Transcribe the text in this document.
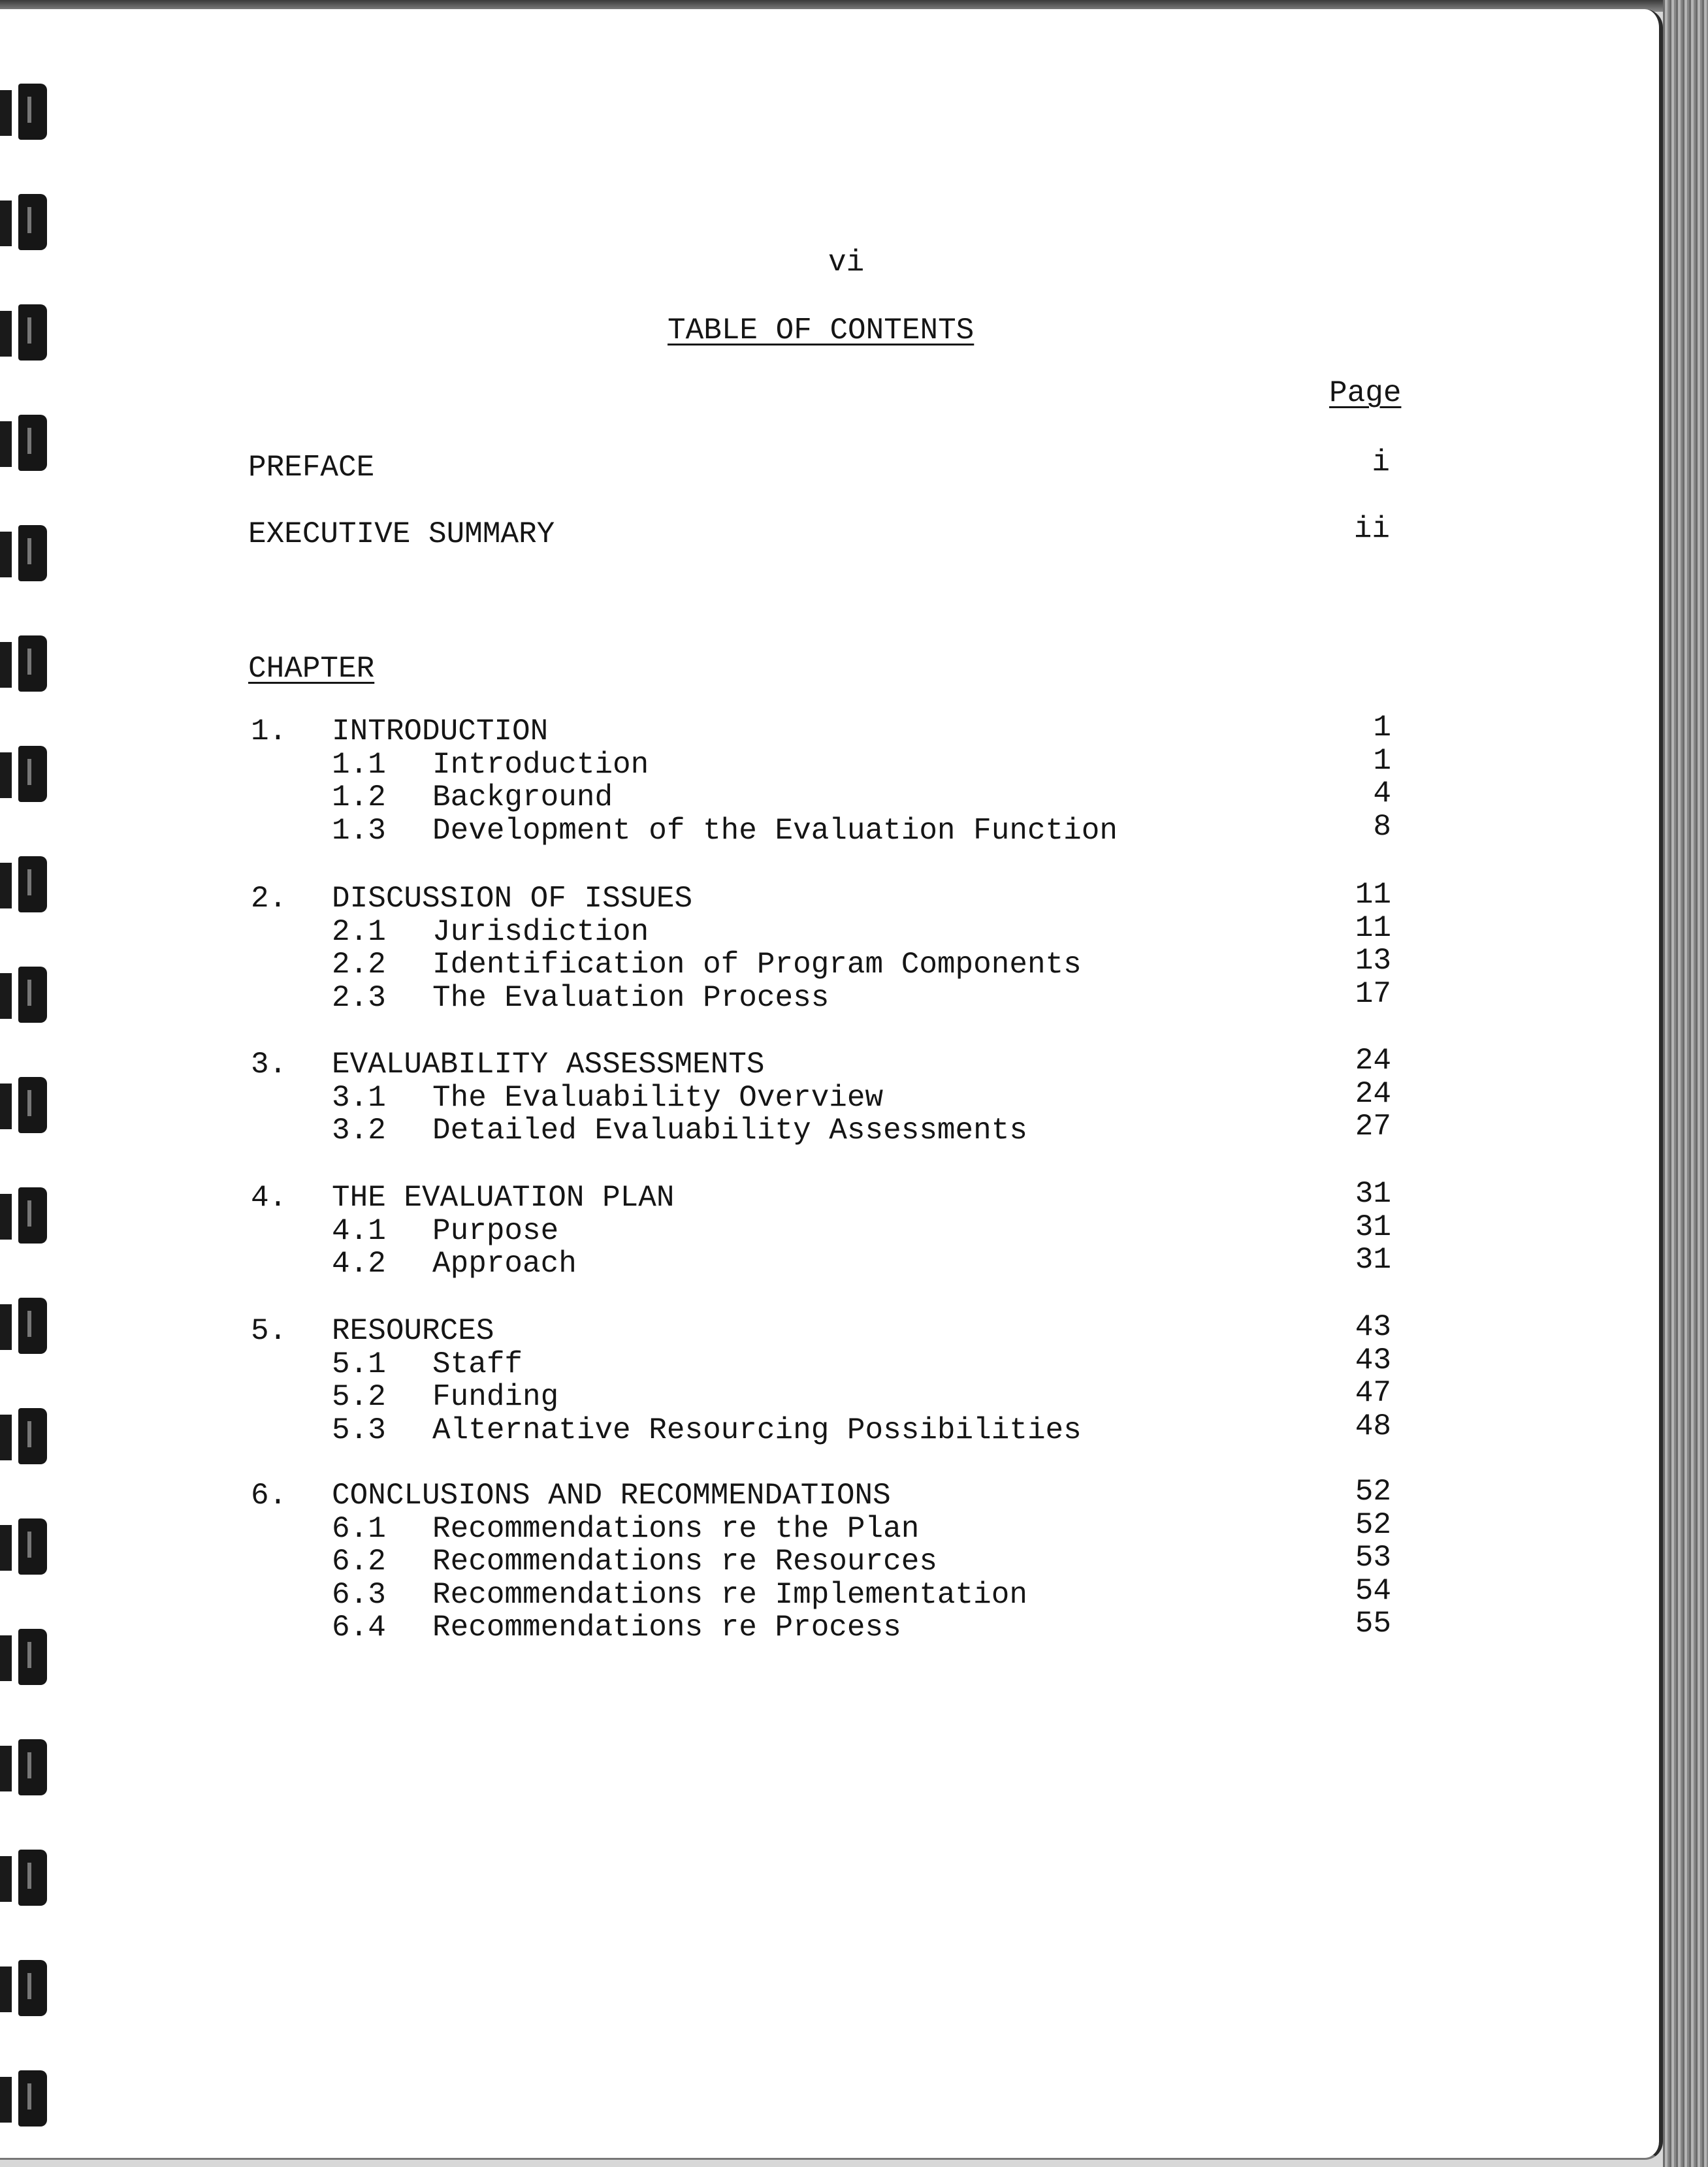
vi
TABLE OF CONTENTS
Page
PREFACE	i
EXECUTIVE SUMMARY	ii
CHAPTER
1. INTRODUCTION	1
1.1 Introduction	1
1.2 Background	4
1.3 Development of the Evaluation Function	8
2. DISCUSSION OF ISSUES	11
2.1 Jurisdiction	11
2.2 Identification of Program Components	13
2.3 The Evaluation Process	17
3. EVALUABILITY ASSESSMENTS	24
3.1 The Evaluability Overview	24
3.2 Detailed Evaluability Assessments	27
4. THE EVALUATION PLAN	31
4.1 Purpose	31
4.2 Approach	31
5. RESOURCES	43
5.1 Staff	43
5.2 Funding	47
5.3 Alternative Resourcing Possibilities	48
6. CONCLUSIONS AND RECOMMENDATIONS	52
6.1 Recommendations re the Plan	52
6.2 Recommendations re Resources	53
6.3 Recommendations re Implementation	54
6.4 Recommendations re Process	55
